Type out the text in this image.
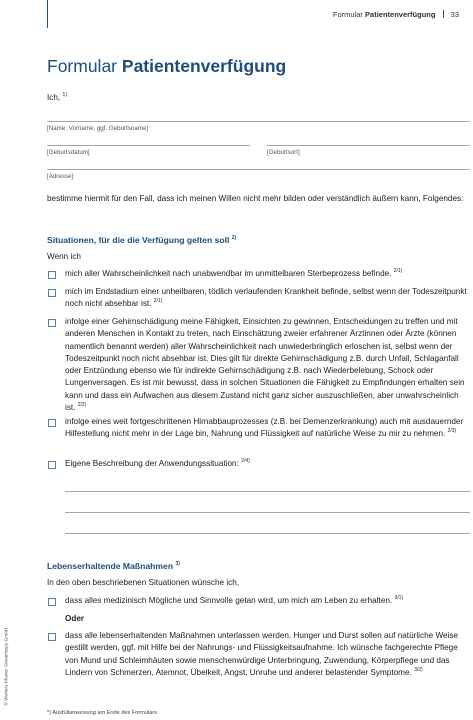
Formular Patientenverfügung 33
Formular Patientenverfügung
Ich, $^{1)}$
[Name, Vorname, ggf. Geburtsname]
[Geburtsdatum]	[Geburtsort]
[Adresse]
bestimme hiermit für den Fall, dass ich meinen Willen nicht mehr bilden oder verständlich äußern kann, Folgendes:
Situationen, für die die Verfügung gelten soll $^{2)}$
Wenn ich
mich aller Wahrscheinlichkeit nach unabwendbar im unmittelbaren Sterbeprozess befinde. $^{2/1)}$
mich im Endstadium einer unheilbaren, tödlich verlaufenden Krankheit befinde, selbst wenn der Todeszeitpunkt noch nicht absehbar ist. $^{2/1)}$
infolge einer Gehirnschädigung meine Fähigkeit, Einsichten zu gewinnen, Entscheidungen zu treffen und mit anderen Menschen in Kontakt zu treten, nach Einschätzung zweier erfahrener Ärztinnen oder Ärzte (können namentlich benannt werden) aller Wahrscheinlichkeit nach unwiederbringlich erloschen ist, selbst wenn der Todeszeitpunkt noch nicht absehbar ist. Dies gilt für direkte Gehirnschädigung z.B. durch Unfall, Schlaganfall oder Entzündung ebenso wie für indirekte Gehirnschädigung z.B. nach Wiederbelebung, Schock oder Lungenversagen. Es ist mir bewusst, dass in solchen Situationen die Fähigkeit zu Empfindungen erhalten sein kann und dass ein Aufwachen aus diesem Zustand nicht ganz sicher auszuschließen, aber unwahrscheinlich ist. $^{2/2)}$
infolge eines weit fortgeschrittenen Hirnabbauprozesses (z.B. bei Demenzerkrankung) auch mit ausdauernder Hilfestellung nicht mehr in der Lage bin, Nahrung und Flüssigkeit auf natürliche Weise zu mir zu nehmen. $^{2/3)}$
Eigene Beschreibung der Anwendungssituation: $^{2/4)}$
Lebenserhaltende Maßnahmen $^{3)}$
In den oben beschriebenen Situationen wünsche ich,
dass alles medizinisch Mögliche und Sinnvolle getan wird, um mich am Leben zu erhalten. $^{3/1)}$
Oder
dass alle lebenserhaltenden Maßnahmen unterlassen werden. Hunger und Durst sollen auf natürliche Weise gestillt werden, ggf. mit Hilfe bei der Nahrungs- und Flüssigkeitsaufnahme. Ich wünsche fachgerechte Pflege von Mund und Schleimhäuten sowie menschenwürdige Unterbringung, Zuwendung, Körperpflege und das Lindern von Schmerzen, Atemnot, Übelkeit, Angst, Unruhe und anderer belastender Symptome. $^{3/2)}$
© Wolters Kluwer Steuertipps GmbH
*) Ausfüllanweisung am Ende des Formulars
